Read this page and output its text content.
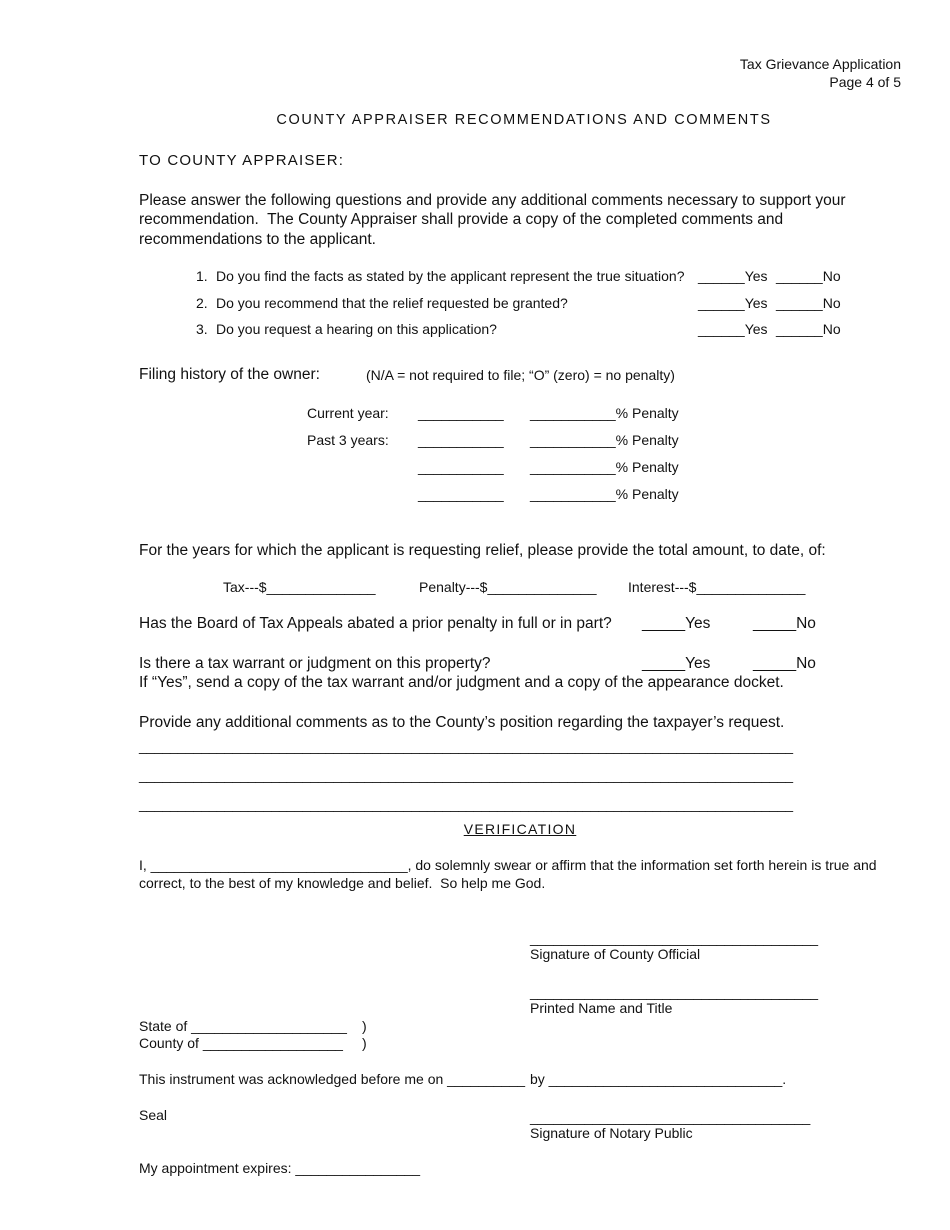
Tax Grievance Application
Page 4 of 5
COUNTY APPRAISER RECOMMENDATIONS AND COMMENTS
TO COUNTY APPRAISER:
Please answer the following questions and provide any additional comments necessary to support your
recommendation.  The County Appraiser shall provide a copy of the completed comments and
recommendations to the applicant.
1. Do you find the facts as stated by the applicant represent the true situation? ______Yes ______No
2. Do you recommend that the relief requested be granted?	______Yes ______No
3. Do you request a hearing on this application?	______Yes ______No
Filing history of the owner:	(N/A = not required to file; “O” (zero) = no penalty)
Current year: ___________ ___________% Penalty
Past 3 years: ___________ ___________% Penalty
___________ ___________% Penalty
___________ ___________% Penalty
For the years for which the applicant is requesting relief, please provide the total amount, to date, of:
Tax---$______________	Penalty---$______________ Interest---$______________
Has the Board of Tax Appeals abated a prior penalty in full or in part? _____Yes	_____No
Is there a tax warrant or judgment on this property?	_____Yes	_____No
If “Yes”, send a copy of the tax warrant and/or judgment and a copy of the appearance docket.
Provide any additional comments as to the County’s position regarding the taxpayer’s request.
____________________________________________________________________________________
____________________________________________________________________________________
____________________________________________________________________________________
VERIFICATION
I, _________________________________, do solemnly swear or affirm that the information set forth herein is true and
correct, to the best of my knowledge and belief.  So help me God.
_____________________________________
Signature of County Official
_____________________________________
Printed Name and Title
State of ____________________ )
County of __________________ )
This instrument was acknowledged before me on __________ by ______________________________.
Seal	____________________________________
Signature of Notary Public
My appointment expires: ________________
